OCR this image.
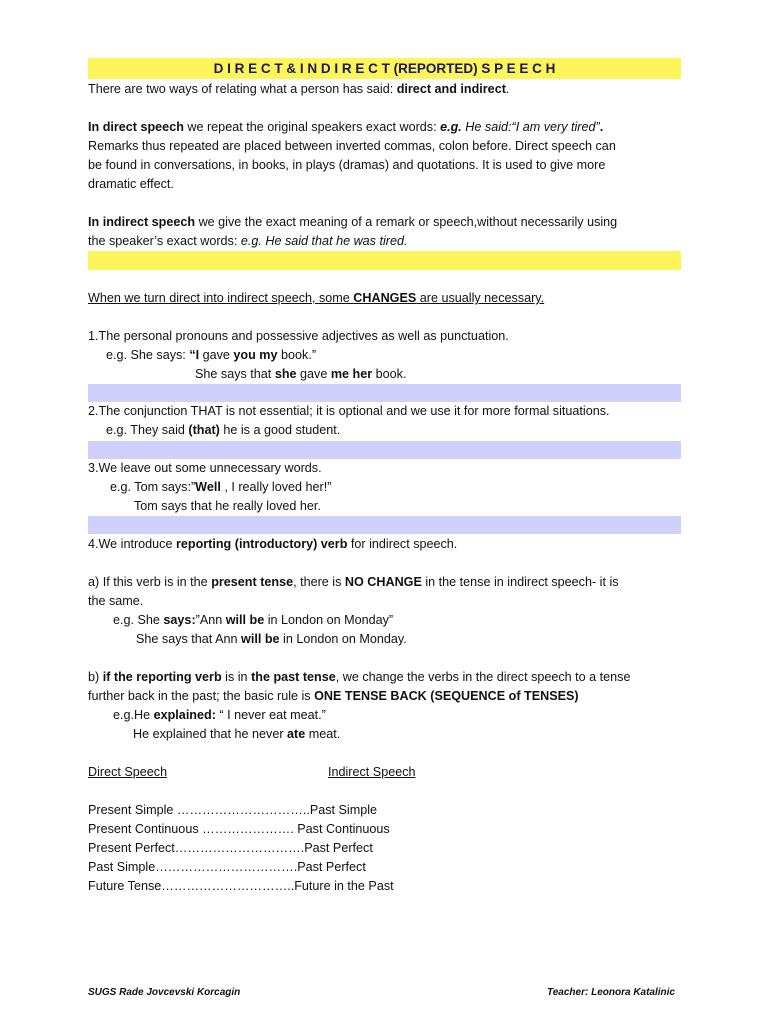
D I R E C T & I N D I R E C T (REPORTED) S P E E C H
There are two ways of relating what a person has said: direct and indirect.
In direct speech we repeat the original speakers exact words: e.g. He said:“I am very tired”.
Remarks thus repeated are placed between inverted commas, colon before. Direct speech can
be found in conversations, in books, in plays (dramas) and quotations. It is used to give more
dramatic effect.
In indirect speech we give the exact meaning of a remark or speech,without necessarily using
the speaker’s exact words: e.g. He said that he was tired.
When we turn direct into indirect speech, some CHANGES are usually necessary.
1.The personal pronouns and possessive adjectives as well as punctuation.
e.g. She says: “I gave you my book.”
She says that she gave me her book.
2.The conjunction THAT is not essential; it is optional and we use it for more formal situations.
e.g. They said (that) he is a good student.
3.We leave out some unnecessary words.
e.g. Tom says:”Well , I really loved her!”
Tom says that he really loved her.
4.We introduce reporting (introductory) verb for indirect speech.
a) If this verb is in the present tense, there is NO CHANGE in the tense in indirect speech- it is
the same.
e.g. She says:”Ann will be in London on Monday”
She says that Ann will be in London on Monday.
b) if the reporting verb is in the past tense, we change the verbs in the direct speech to a tense
further back in the past; the basic rule is ONE TENSE BACK (SEQUENCE of TENSES)
e.g.He explained: “ I never eat meat.”
He explained that he never ate meat.
Direct Speech	Indirect Speech

Present Simple …………………………..Past Simple
Present Continuous …………………. Past Continuous
Present Perfect………………………….Past Perfect
Past Simple…………………………….Past Perfect
Future Tense…………………………..Future in the Past
SUGS Rade Jovcevski Korcagin	Teacher: Leonora Katalinic
